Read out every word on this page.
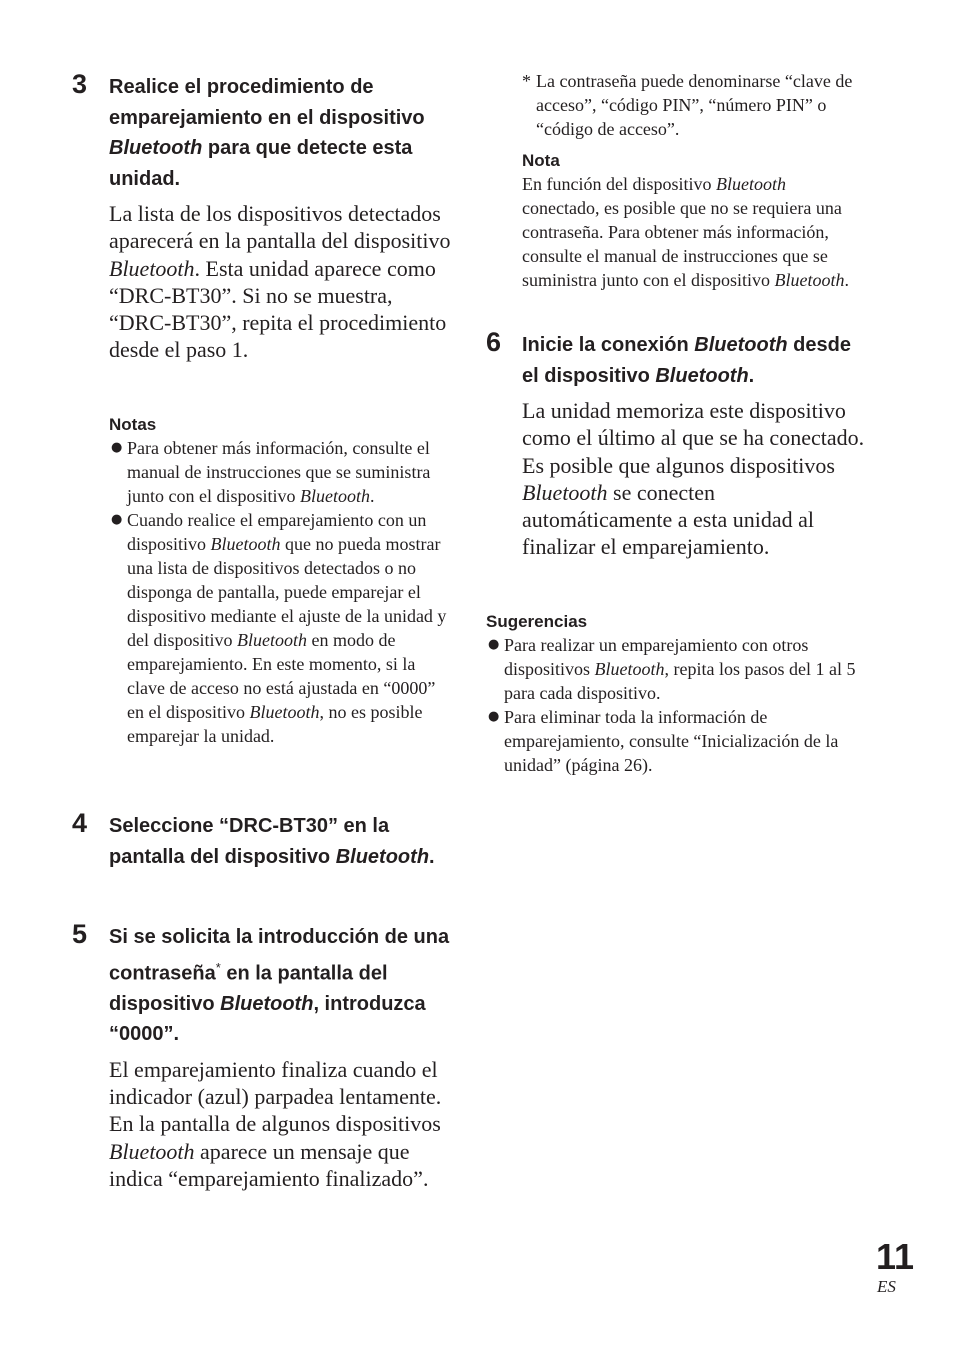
3 Realice el procedimiento de emparejamiento en el dispositivo Bluetooth para que detecte esta unidad.

La lista de los dispositivos detectados aparecerá en la pantalla del dispositivo Bluetooth. Esta unidad aparece como “DRC-BT30”. Si no se muestra, “DRC-BT30”, repita el procedimiento desde el paso 1.

Notas

● Para obtener más información, consulte el manual de instrucciones que se suministra junto con el dispositivo Bluetooth.
● Cuando realice el emparejamiento con un dispositivo Bluetooth que no pueda mostrar una lista de dispositivos detectados o no disponga de pantalla, puede emparejar el dispositivo mediante el ajuste de la unidad y del dispositivo Bluetooth en modo de emparejamiento. En este momento, si la clave de acceso no está ajustada en “0000” en el dispositivo Bluetooth, no es posible emparejar la unidad.
4 Seleccione “DRC-BT30” en la pantalla del dispositivo Bluetooth.

5 Si se solicita la introducción de una contraseña* en la pantalla del dispositivo Bluetooth, introduzca “0000”.

El emparejamiento finaliza cuando el indicador (azul) parpadea lentamente. En la pantalla de algunos dispositivos Bluetooth aparece un mensaje que indica “emparejamiento finalizado”.

* La contraseña puede denominarse “clave de acceso”, “código PIN”, “número PIN” o “código de acceso”.

Nota

En función del dispositivo Bluetooth conectado, es posible que no se requiera una contraseña. Para obtener más información, consulte el manual de instrucciones que se suministra junto con el dispositivo Bluetooth.

6 Inicie la conexión Bluetooth desde el dispositivo Bluetooth.

La unidad memoriza este dispositivo como el último al que se ha conectado. Es posible que algunos dispositivos Bluetooth se conecten automáticamente a esta unidad al finalizar el emparejamiento.

Sugerencias

● Para realizar un emparejamiento con otros dispositivos Bluetooth, repita los pasos del 1 al 5 para cada dispositivo.
● Para eliminar toda la información de emparejamiento, consulte “Inicialización de la unidad” (página 26).
11
ES
